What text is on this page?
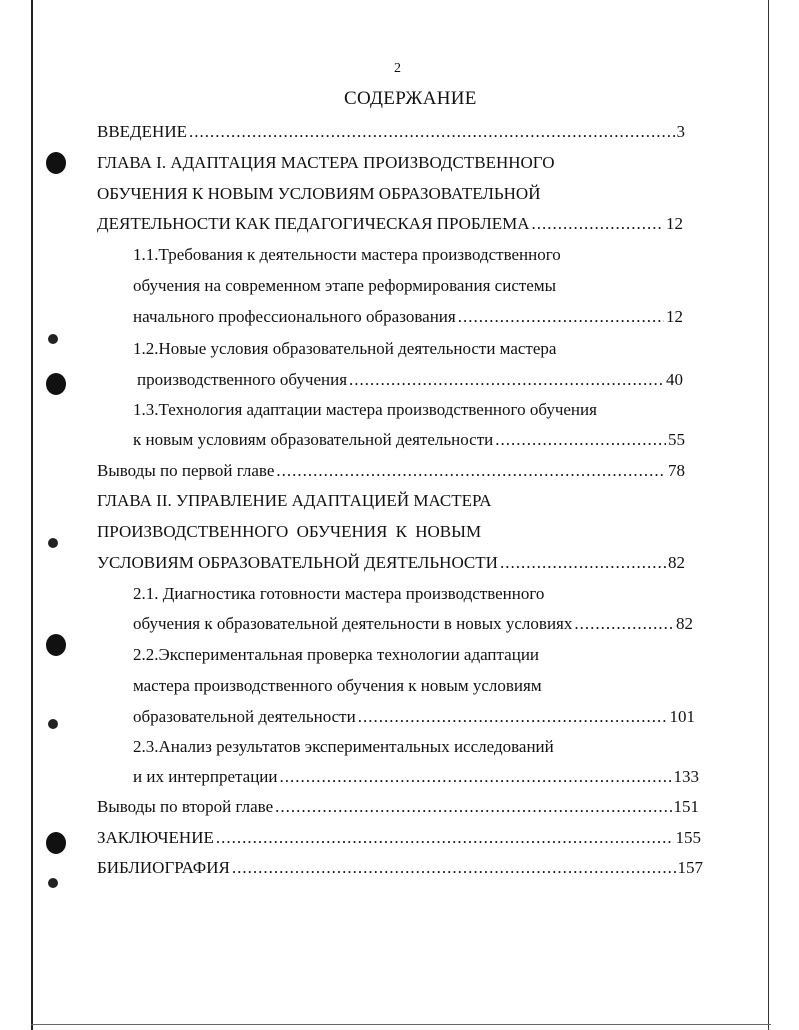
2
СОДЕРЖАНИЕ
ВВЕДЕНИЕ .....	3
ГЛАВА I. АДАПТАЦИЯ МАСТЕРА ПРОИЗВОДСТВЕННОГО
ОБУЧЕНИЯ К НОВЫМ УСЛОВИЯМ ОБРАЗОВАТЕЛЬНОЙ
ДЕЯТЕЛЬНОСТИ КАК ПЕДАГОГИЧЕСКАЯ ПРОБЛЕМА .....	12
1.1.Требования к деятельности мастера производственного
обучения на современном этапе реформирования системы
начального профессионального образования .....	12
1.2.Новые условия образовательной деятельности мастера
производственного обучения .....	40
1.3.Технология адаптации мастера производственного обучения
к новым условиям образовательной деятельности .....	55
Выводы по первой главе .....	78
ГЛАВА II. УПРАВЛЕНИЕ АДАПТАЦИЕЙ МАСТЕРА
ПРОИЗВОДСТВЕННОГО ОБУЧЕНИЯ К НОВЫМ
УСЛОВИЯМ ОБРАЗОВАТЕЛЬНОЙ ДЕЯТЕЛЬНОСТИ .....	82
2.1. Диагностика готовности мастера производственного
обучения к образовательной деятельности в новых условиях .....	82
2.2.Экспериментальная проверка технологии адаптации
мастера производственного обучения к новым условиям
образовательной деятельности .....	101
2.3.Анализ результатов экспериментальных исследований
и их интерпретации .....	133
Выводы по второй главе .....	151
ЗАКЛЮЧЕНИЕ .....	155
БИБЛИОГРАФИЯ .....	157
